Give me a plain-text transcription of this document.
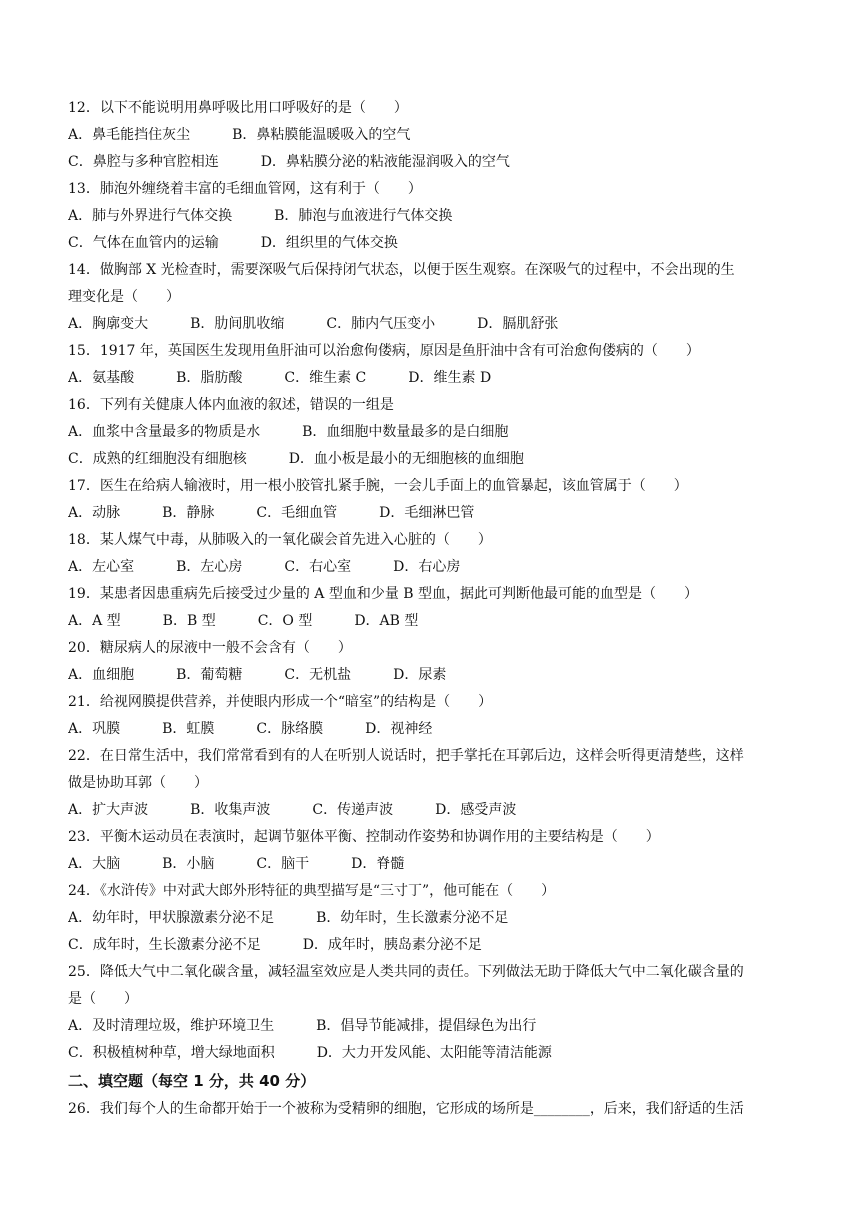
12．以下不能说明用鼻呼吸比用口呼吸好的是（　　）
A．鼻毛能挡住灰尘　　　B．鼻粘膜能温暖吸入的空气
C．鼻腔与多种官腔相连　　　D．鼻粘膜分泌的粘液能湿润吸入的空气
13．肺泡外缠绕着丰富的毛细血管网，这有利于（　　）
A．肺与外界进行气体交换　　　B．肺泡与血液进行气体交换
C．气体在血管内的运输　　　D．组织里的气体交换
14．做胸部 X 光检查时，需要深吸气后保持闭气状态，以便于医生观察。在深吸气的过程中，不会出现的生
理变化是（　　）
A．胸廓变大　　　B．肋间肌收缩　　　C．肺内气压变小　　　D．膈肌舒张
15．1917 年，英国医生发现用鱼肝油可以治愈佝偻病，原因是鱼肝油中含有可治愈佝偻病的（　　）
A．氨基酸　　　B．脂肪酸　　　C．维生素 C　　　D．维生素 D
16．下列有关健康人体内血液的叙述，错误的一组是
A．血浆中含量最多的物质是水　　　B．血细胞中数量最多的是白细胞
C．成熟的红细胞没有细胞核　　　D．血小板是最小的无细胞核的血细胞
17．医生在给病人输液时，用一根小胶管扎紧手腕，一会儿手面上的血管暴起，该血管属于（　　）
A．动脉　　　B．静脉　　　C．毛细血管　　　D．毛细淋巴管
18．某人煤气中毒，从肺吸入的一氧化碳会首先进入心脏的（　　）
A．左心室　　　B．左心房　　　C．右心室　　　D．右心房
19．某患者因患重病先后接受过少量的 A 型血和少量 B 型血，据此可判断他最可能的血型是（　　）
A．A 型　　　B．B 型　　　C．O 型　　　D．AB 型
20．糖尿病人的尿液中一般不会含有（　　）
A．血细胞　　　B．葡萄糖　　　C．无机盐　　　D．尿素
21．给视网膜提供营养，并使眼内形成一个“暗室”的结构是（　　）
A．巩膜　　　B．虹膜　　　C．脉络膜　　　D．视神经
22．在日常生活中，我们常常看到有的人在听别人说话时，把手掌托在耳郭后边，这样会听得更清楚些，这样
做是协助耳郭（　　）
A．扩大声波　　　B．收集声波　　　C．传递声波　　　D．感受声波
23．平衡木运动员在表演时，起调节躯体平衡、控制动作姿势和协调作用的主要结构是（　　）
A．大脑　　　B．小脑　　　C．脑干　　　D．脊髓
24．《水浒传》中对武大郎外形特征的典型描写是“三寸丁”，他可能在（　　）
A．幼年时，甲状腺激素分泌不足　　　B．幼年时，生长激素分泌不足
C．成年时，生长激素分泌不足　　　D．成年时，胰岛素分泌不足
25．降低大气中二氧化碳含量，减轻温室效应是人类共同的责任。下列做法无助于降低大气中二氧化碳含量的
是（　　）
A．及时清理垃圾，维护环境卫生　　　B．倡导节能减排，提倡绿色为出行
C．积极植树种草，增大绿地面积　　　D．大力开发风能、太阳能等清洁能源
二、填空题（每空 1 分，共 40 分）
26．我们每个人的生命都开始于一个被称为受精卵的细胞，它形成的场所是________，后来，我们舒适的生活
